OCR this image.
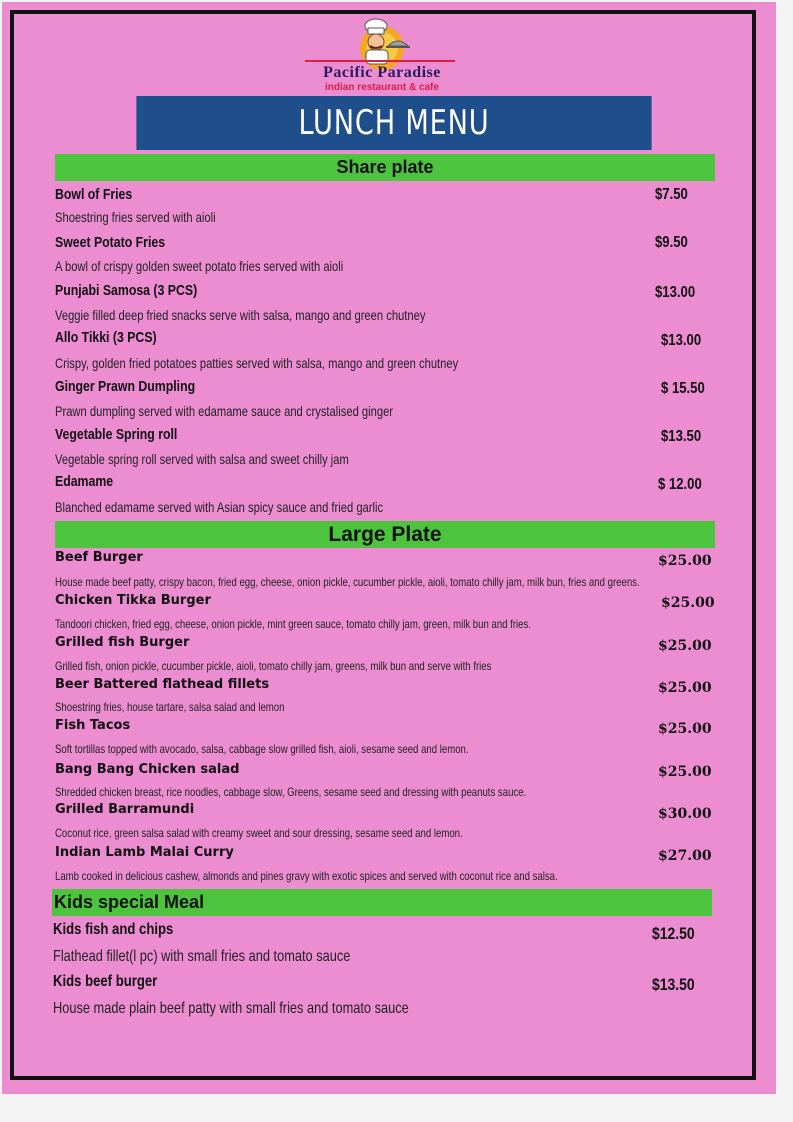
Pacific Paradise
indian restaurant & cafe
LUNCH MENU
Share plate
Bowl of Fries	$7.50
Shoestring fries served with aioli
Sweet Potato Fries	$9.50
A bowl of crispy golden sweet potato fries served with aioli
Punjabi Samosa (3 PCS)	$13.00
Veggie filled deep fried snacks serve with salsa, mango and green chutney
Allo Tikki (3 PCS)	$13.00
Crispy, golden fried potatoes patties served with salsa, mango and green chutney
Ginger Prawn Dumpling	$ 15.50
Prawn dumpling served with edamame sauce and crystalised ginger
Vegetable Spring roll	$13.50
Vegetable spring roll served with salsa and sweet chilly jam
Edamame	$ 12.00
Blanched edamame served with Asian spicy sauce and fried garlic
Large Plate
Beef Burger	$25.00
House made beef patty, crispy bacon, fried egg, cheese, onion pickle, cucumber pickle, aioli, tomato chilly jam, milk bun, fries and greens.
Chicken Tikka Burger	$25.00
Tandoori chicken, fried egg, cheese, onion pickle, mint green sauce, tomato chilly jam, green, milk bun and fries.
Grilled fish Burger	$25.00
Grilled fish, onion pickle, cucumber pickle, aioli, tomato chilly jam, greens, milk bun and serve with fries
Beer Battered flathead fillets	$25.00
Shoestring fries, house tartare, salsa salad and lemon
Fish Tacos	$25.00
Soft tortillas topped with avocado, salsa, cabbage slow grilled fish, aioli, sesame seed and lemon.
Bang Bang Chicken salad	$25.00
Shredded chicken breast, rice noodles, cabbage slow, Greens, sesame seed and dressing with peanuts sauce.
Grilled Barramundi	$30.00
Coconut rice, green salsa salad with creamy sweet and sour dressing, sesame seed and lemon.
Indian Lamb Malai Curry	$27.00
Lamb cooked in delicious cashew, almonds and pines gravy with exotic spices and served with coconut rice and salsa.
Kids special Meal
Kids fish and chips	$12.50
Flathead fillet(l pc) with small fries and tomato sauce
Kids beef burger	$13.50
House made plain beef patty with small fries and tomato sauce
